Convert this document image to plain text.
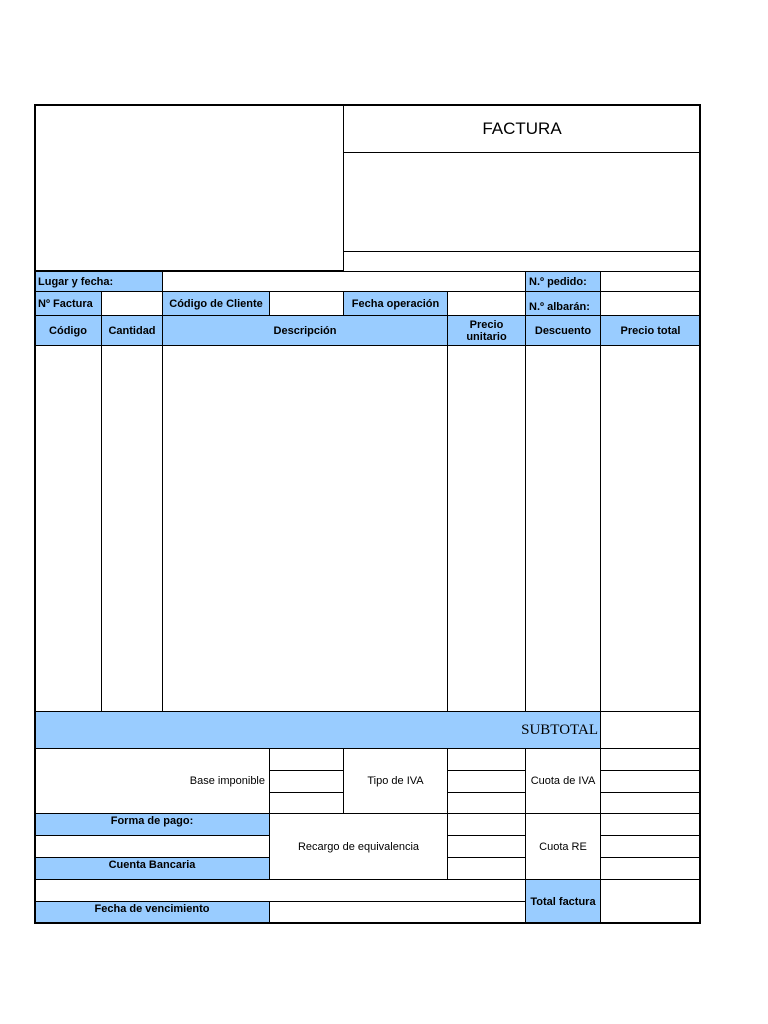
FACTURA
Lugar y fecha:	N.º pedido:
Nº Factura	Código de Cliente	Fecha operación	N.º albarán:
Código	Cantidad	Descripción	Precio unitario	Descuento	Precio total
SUBTOTAL
Base imponible	Tipo de IVA	Cuota de IVA
Forma de pago:
Cuenta Bancaria
Recargo de equivalencia	Cuota RE
Fecha de vencimiento
Total factura
